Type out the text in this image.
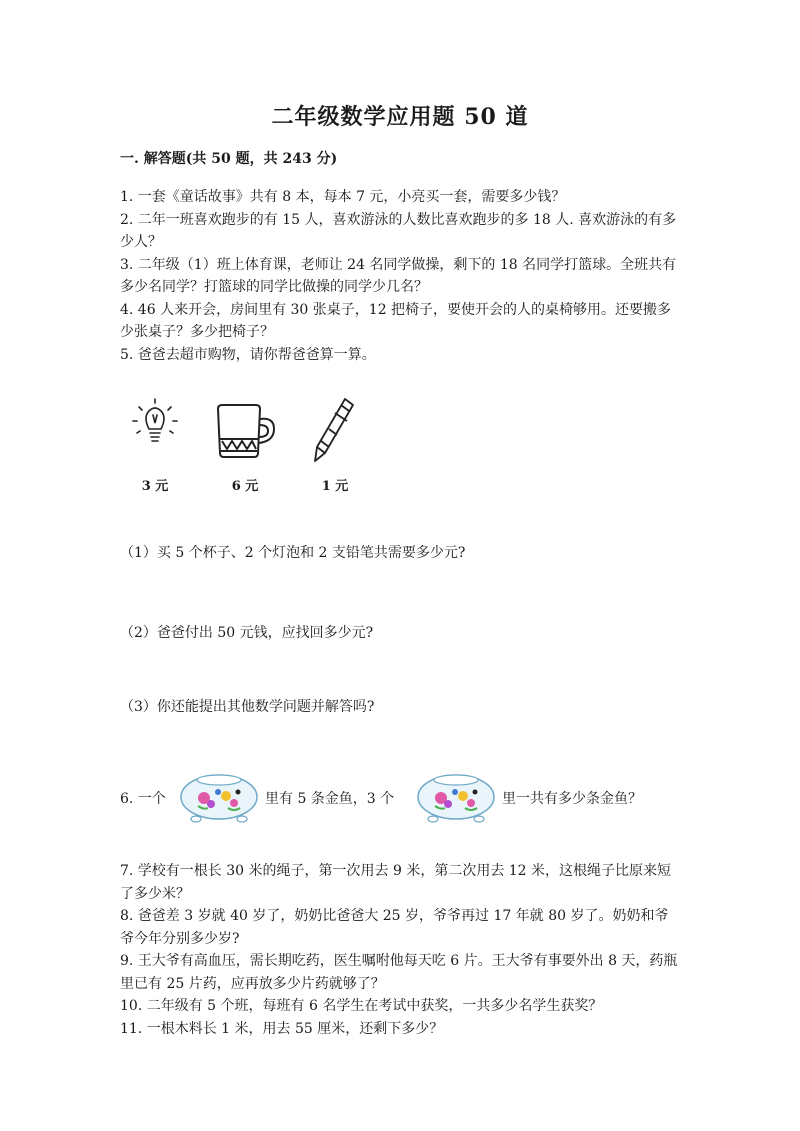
二年级数学应用题 50 道
一. 解答题(共 50 题，共 243 分)

1. 一套《童话故事》共有 8 本，每本 7 元，小亮买一套，需要多少钱？

2. 二年一班喜欢跑步的有 15 人，喜欢游泳的人数比喜欢跑步的多 18 人. 喜欢游泳的有多少人？

3. 二年级（1）班上体育课，老师让 24 名同学做操，剩下的 18 名同学打篮球。全班共有多少名同学？打篮球的同学比做操的同学少几名？

4. 46 人来开会，房间里有 30 张桌子，12 把椅子，要使开会的人的桌椅够用。还要搬多少张桌子？多少把椅子？

5. 爸爸去超市购物，请你帮爸爸算一算。

3 元	6 元	1 元
（1）买 5 个杯子、2 个灯泡和 2 支铅笔共需要多少元?
（2）爸爸付出 50 元钱，应找回多少元?
（3）你还能提出其他数学问题并解答吗?
6. 一个	里有 5 条金鱼，3 个	里一共有多少条金鱼？

7. 学校有一根长 30 米的绳子，第一次用去 9 米，第二次用去 12 米，这根绳子比原来短了多少米？

8. 爸爸差 3 岁就 40 岁了，奶奶比爸爸大 25 岁，爷爷再过 17 年就 80 岁了。奶奶和爷爷今年分别多少岁?

9. 王大爷有高血压，需长期吃药，医生嘱咐他每天吃 6 片。王大爷有事要外出 8 天，药瓶里已有 25 片药，应再放多少片药就够了？

10. 二年级有 5 个班，每班有 6 名学生在考试中获奖，一共多少名学生获奖？

11. 一根木料长 1 米，用去 55 厘米，还剩下多少？
